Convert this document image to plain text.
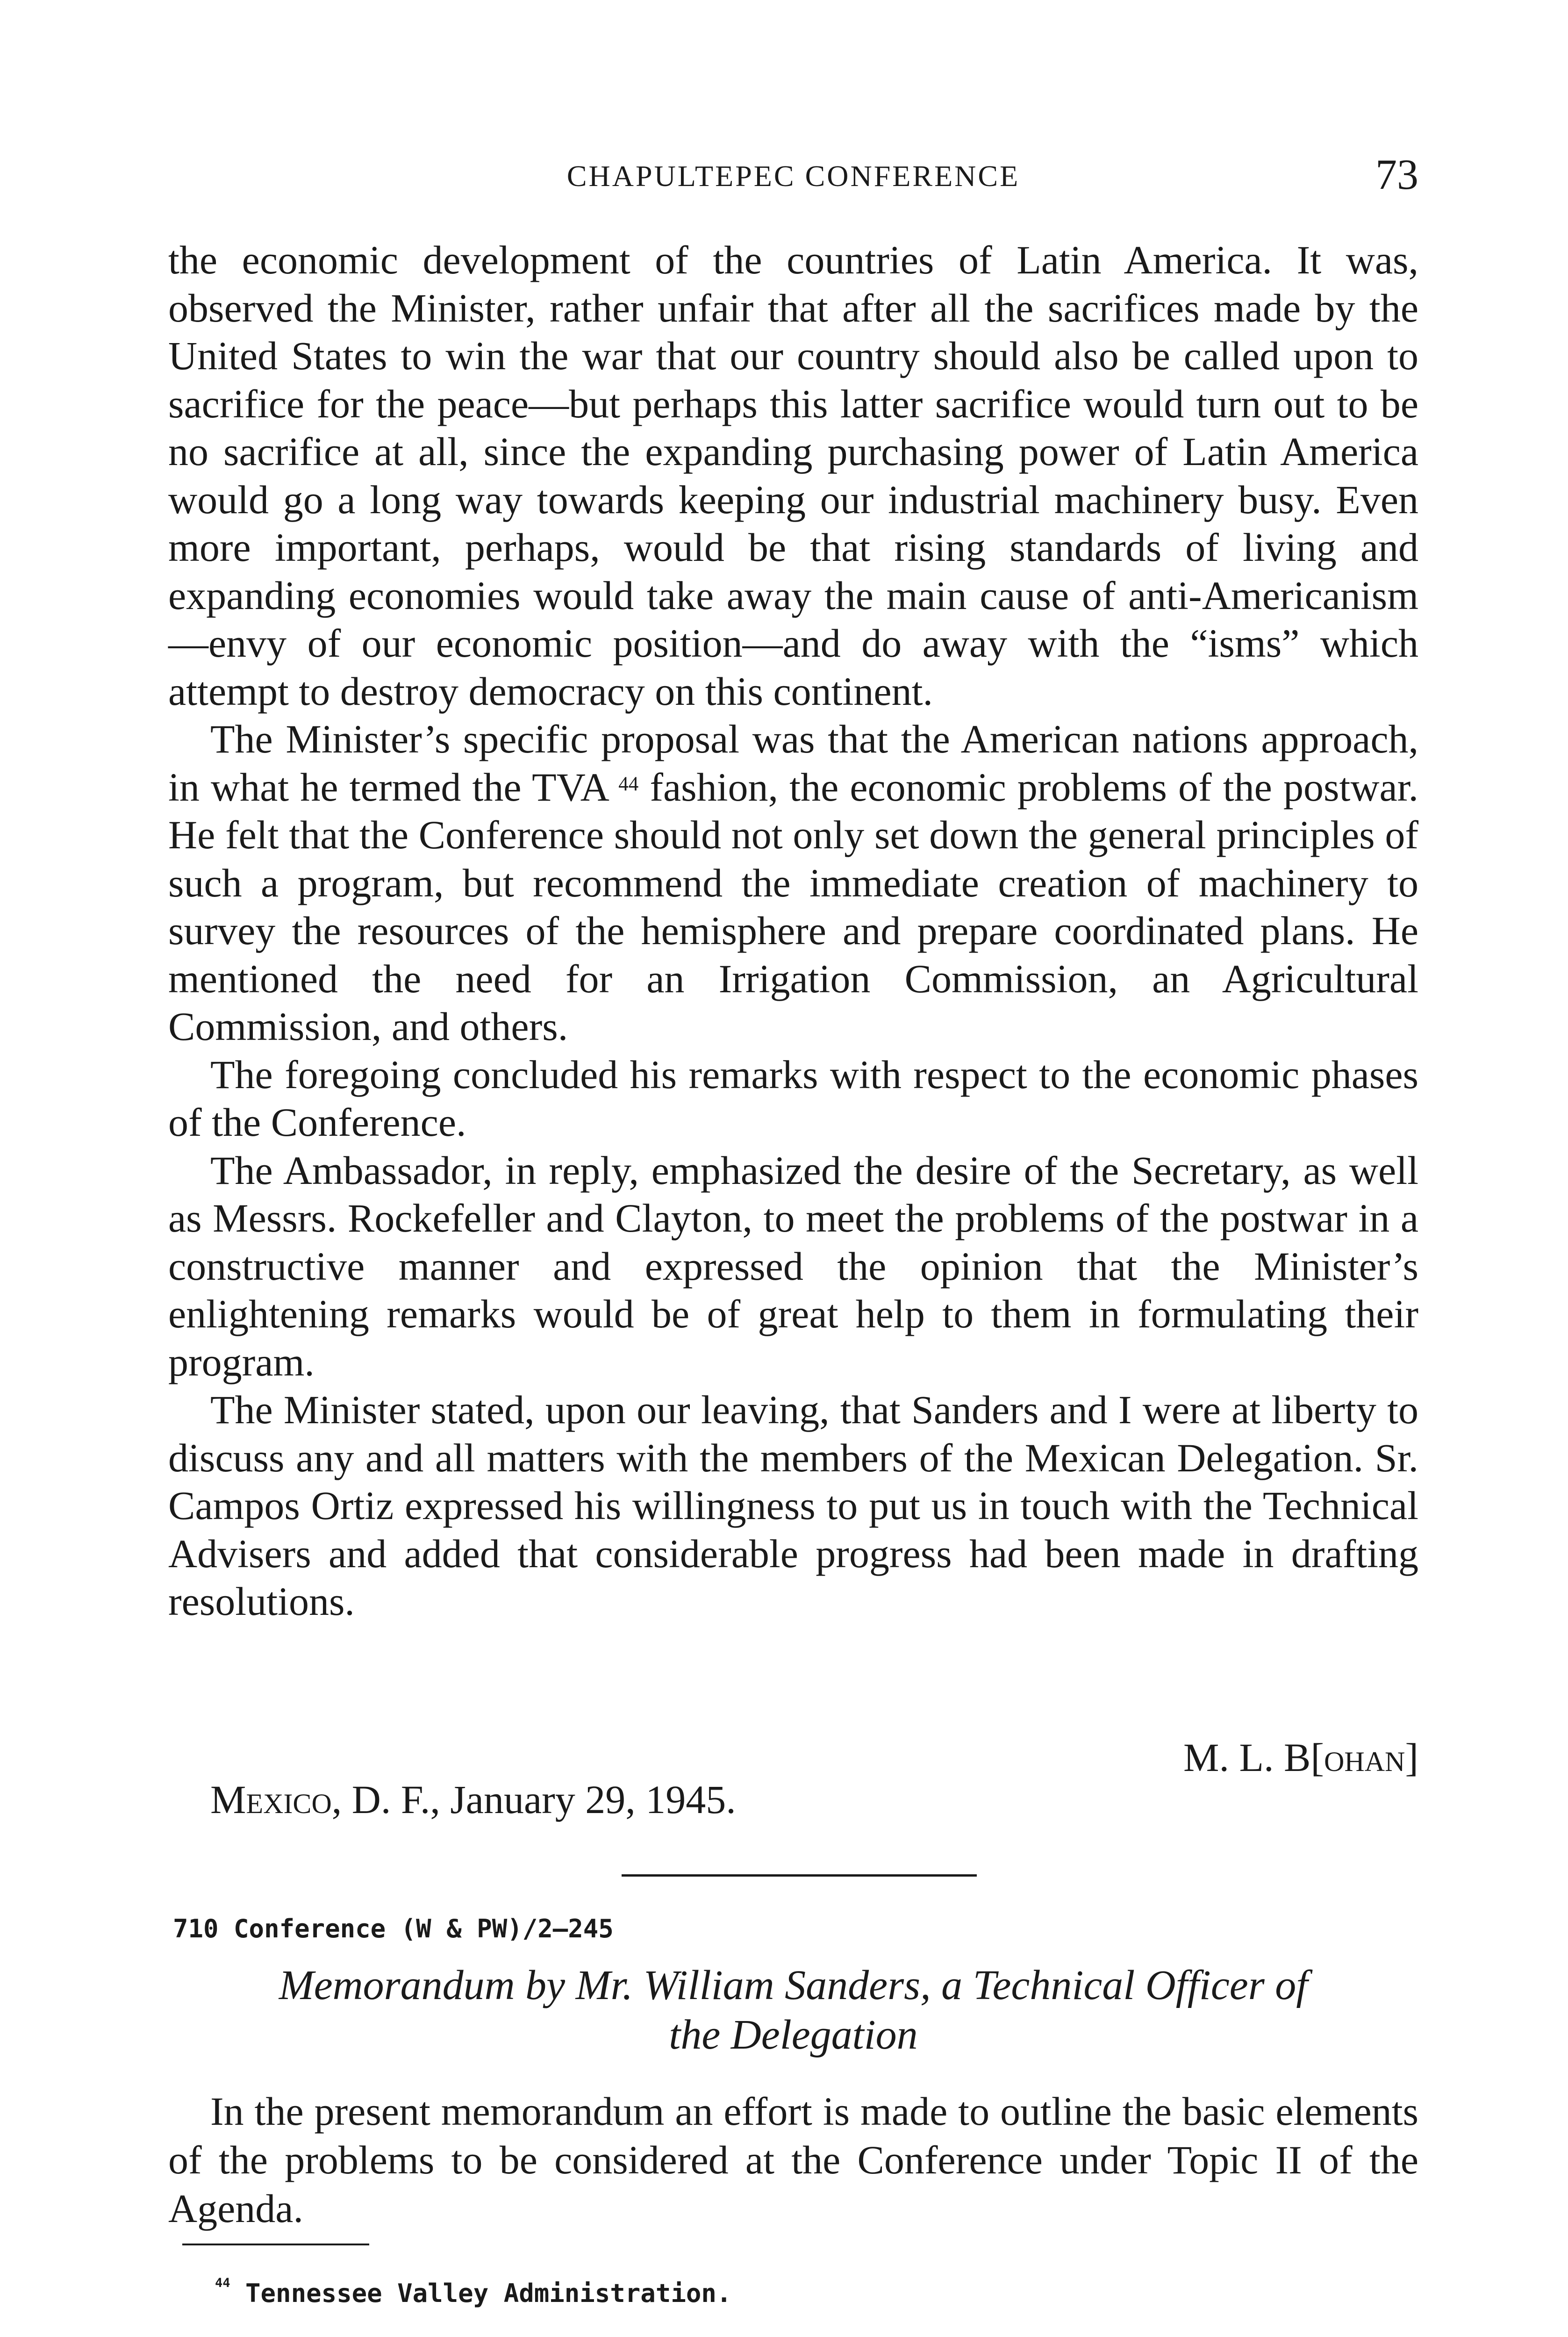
CHAPULTEPEC CONFERENCE	73

the economic development of the countries of Latin America. It was, observed the Minister, rather unfair that after all the sacrifices made by the United States to win the war that our country should also be called upon to sacrifice for the peace—but perhaps this latter sacrifice would turn out to be no sacrifice at all, since the expanding purchasing power of Latin America would go a long way towards keeping our industrial machinery busy. Even more important, perhaps, would be that rising standards of living and expanding economies would take away the main cause of anti-Americanism—envy of our economic position—and do away with the “isms” which attempt to destroy democracy on this continent.

The Minister’s specific proposal was that the American nations approach, in what he termed the TVA $^{44}$ fashion, the economic problems of the postwar. He felt that the Conference should not only set down the general principles of such a program, but recommend the immediate creation of machinery to survey the resources of the hemisphere and prepare coordinated plans. He mentioned the need for an Irrigation Commission, an Agricultural Commission, and others.

The foregoing concluded his remarks with respect to the economic phases of the Conference.

The Ambassador, in reply, emphasized the desire of the Secretary, as well as Messrs. Rockefeller and Clayton, to meet the problems of the postwar in a constructive manner and expressed the opinion that the Minister’s enlightening remarks would be of great help to them in formulating their program.

The Minister stated, upon our leaving, that Sanders and I were at liberty to discuss any and all matters with the members of the Mexican Delegation. Sr. Campos Ortiz expressed his willingness to put us in touch with the Technical Advisers and added that considerable progress had been made in drafting resolutions.

M. L. B[ohan]
Mexico, D. F., January 29, 1945.
710 Conference (W & PW)/2–245
Memorandum by Mr. William Sanders, a Technical Officer of
the Delegation

In the present memorandum an effort is made to outline the basic elements of the problems to be considered at the Conference under Topic II of the Agenda.

$^{44}$ Tennessee Valley Administration.
